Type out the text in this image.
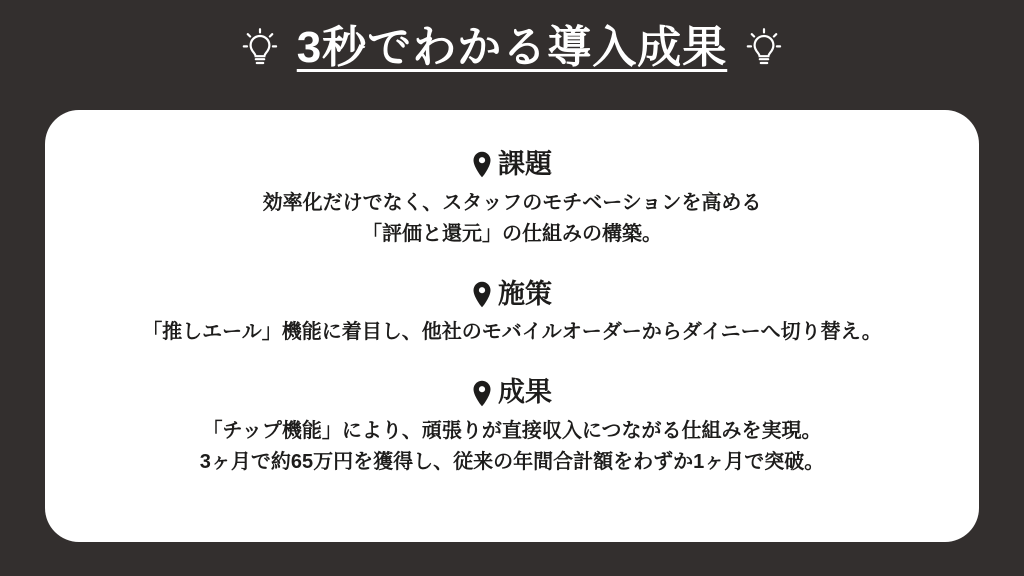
3秒でわかる導入成果
課題
効率化だけでなく、スタッフのモチベーションを高める
「評価と還元」の仕組みの構築。
施策
「推しエール」機能に着目し、他社のモバイルオーダーからダイニーへ切り替え。
成果
「チップ機能」により、頑張りが直接収入につながる仕組みを実現。
3ヶ月で約65万円を獲得し、従来の年間合計額をわずか1ヶ月で突破。
